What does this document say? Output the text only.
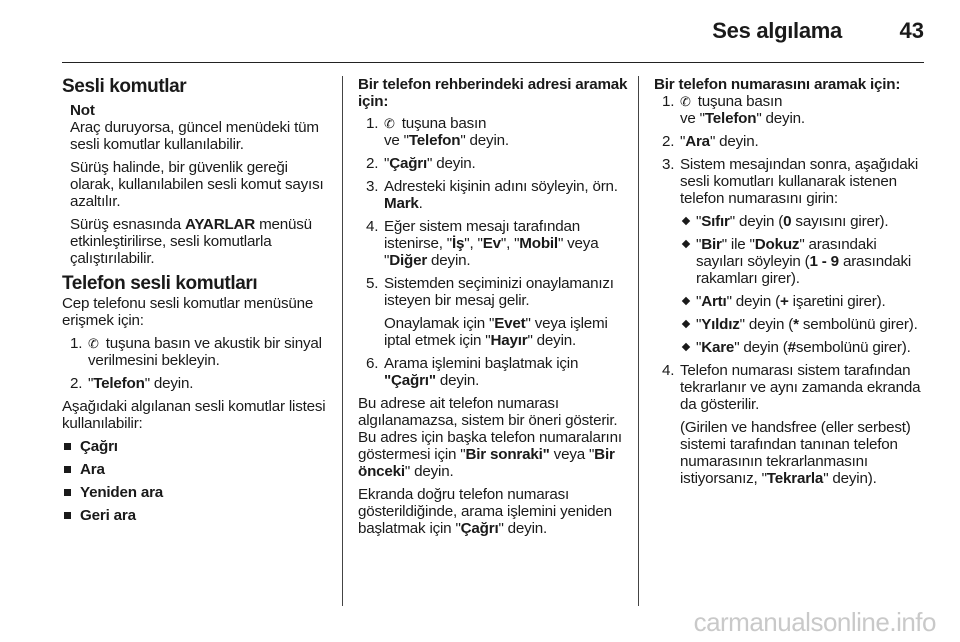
Ses algılama	43
Sesli komutlar

Not

Araç duruyorsa, güncel menüdeki tüm sesli komutlar kullanılabilir.

Sürüş halinde, bir güvenlik gereği olarak, kullanılabilen sesli komut sayısı azaltılır.

Sürüş esnasında AYARLAR menüsü etkinleştirilirse, sesli komutlarla çalıştırılabilir.

Telefon sesli komutları

Cep telefonu sesli komutlar menüsüne erişmek için:

1. ✆ tuşuna basın ve akustik bir sinyal verilmesini bekleyin.
2. "Telefon" deyin.

Aşağıdaki algılanan sesli komutlar listesi kullanılabilir:

Çağrı
Ara
Yeniden ara
Geri ara
Bir telefon rehberindeki adresi aramak için:
1. ✆ tuşuna basın
ve "Telefon" deyin.
2. "Çağrı" deyin.
3. Adresteki kişinin adını söyleyin, örn. Mark.
4. Eğer sistem mesajı tarafından istenirse, "İş", "Ev", "Mobil" veya "Diğer deyin.
5. Sistemden seçiminizi onaylamanızı isteyen bir mesaj gelir.
Onaylamak için "Evet" veya işlemi iptal etmek için "Hayır" deyin.
6. Arama işlemini başlatmak için "Çağrı" deyin.

Bu adrese ait telefon numarası algılanamazsa, sistem bir öneri gösterir. Bu adres için başka telefon numaralarını göstermesi için "Bir sonraki" veya "Bir önceki" deyin.

Ekranda doğru telefon numarası gösterildiğinde, arama işlemini yeniden başlatmak için "Çağrı" deyin.

Bir telefon numarasını aramak için:
1. ✆ tuşuna basın
ve "Telefon" deyin.
2. "Ara" deyin.
3. Sistem mesajından sonra, aşağıdaki sesli komutları kullanarak istenen telefon numarasını girin:
"Sıfır" deyin (0 sayısını girer).
"Bir" ile "Dokuz" arasındaki sayıları söyleyin (1 - 9 arasındaki rakamları girer).
"Artı" deyin (+ işaretini girer).
"Yıldız" deyin (* sembolünü girer).
"Kare" deyin (#sembolünü girer).
4. Telefon numarası sistem tarafından tekrarlanır ve aynı zamanda ekranda da gösterilir.
(Girilen ve handsfree (eller serbest) sistemi tarafından tanınan telefon numarasının tekrarlanmasını istiyorsanız, "Tekrarla" deyin).
carmanualsonline.info
